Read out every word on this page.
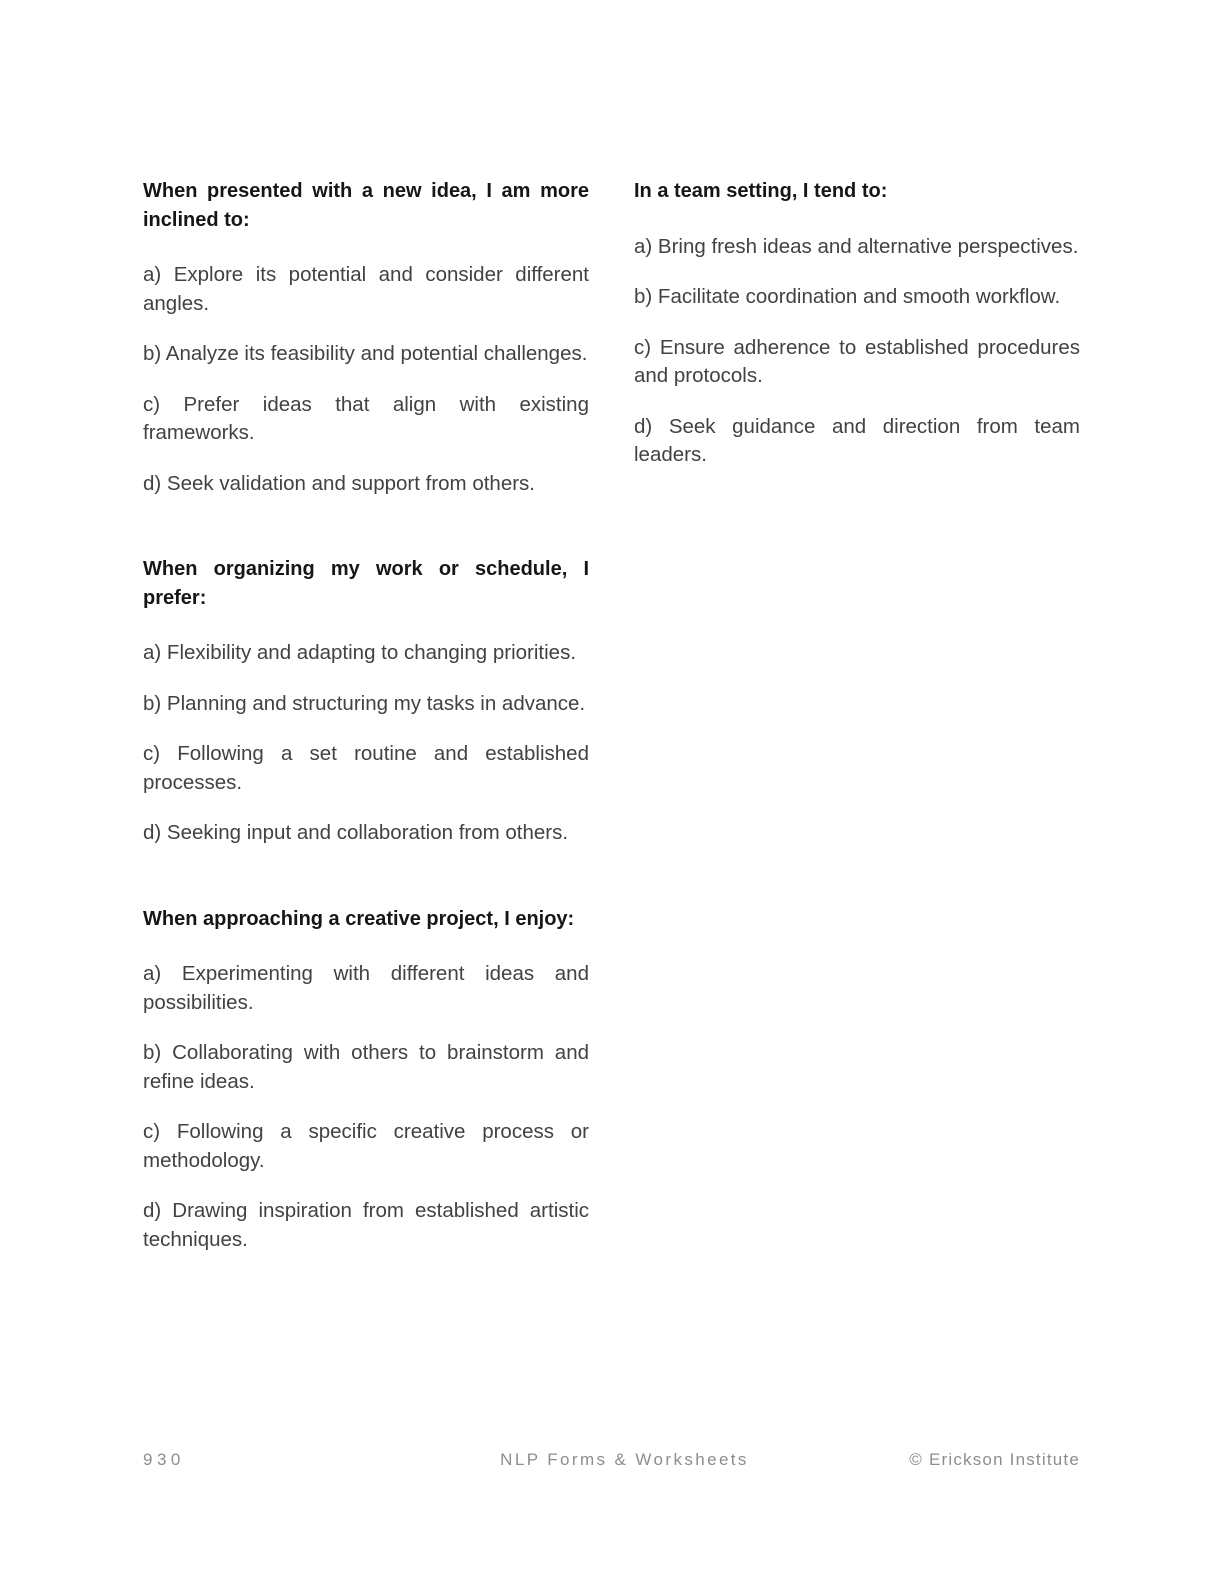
When presented with a new idea, I am more inclined to:

a) Explore its potential and consider different angles.

b) Analyze its feasibility and potential challenges.

c) Prefer ideas that align with existing frameworks.

d) Seek validation and support from others.

When organizing my work or schedule, I prefer:

a) Flexibility and adapting to changing priorities.

b) Planning and structuring my tasks in advance.

c) Following a set routine and established processes.

d) Seeking input and collaboration from others.

When approaching a creative project, I enjoy:

a) Experimenting with different ideas and possibilities.

b) Collaborating with others to brainstorm and refine ideas.

c) Following a specific creative process or methodology.

d) Drawing inspiration from established artistic techniques.

In a team setting, I tend to:

a) Bring fresh ideas and alternative perspectives.

b) Facilitate coordination and smooth workflow.

c) Ensure adherence to established procedures and protocols.

d) Seek guidance and direction from team leaders.

930	NLP Forms & Worksheets	© Erickson Institute
